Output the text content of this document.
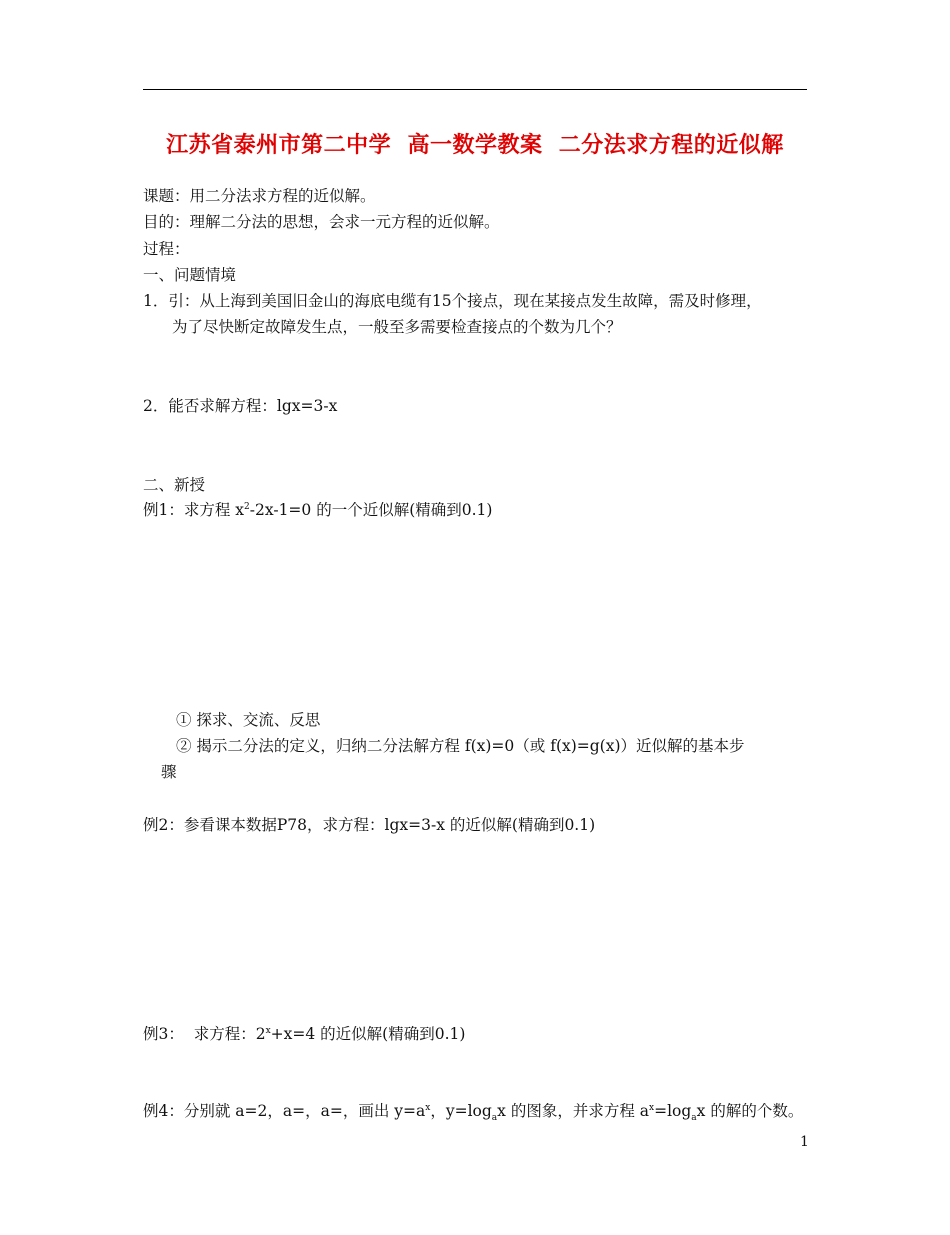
江苏省泰州市第二中学  高一数学教案  二分法求方程的近似解
课题：用二分法求方程的近似解。
目的：理解二分法的思想，会求一元方程的近似解。
过程：
一、问题情境
1．引：从上海到美国旧金山的海底电缆有15个接点，现在某接点发生故障，需及时修理，
为了尽快断定故障发生点，一般至多需要检查接点的个数为几个？
2．能否求解方程：lgx=3-x
二、新授
例1：求方程 $x^2-2x-1=0$ 的一个近似解(精确到0.1)
① 探求、交流、反思
② 揭示二分法的定义，归纳二分法解方程 f(x)=0（或 f(x)=g(x)）近似解的基本步
骤
例2：参看课本数据P78，求方程：lgx=3-x 的近似解(精确到0.1)
例3：  求方程：$2^x+x=4$ 的近似解(精确到0.1)
例4：分别就 a=2，a=，a=，画出 $y=a^x$，$y=\log_ax$ 的图象，并求方程 $a^x=\log_ax$ 的解的个数。
1
